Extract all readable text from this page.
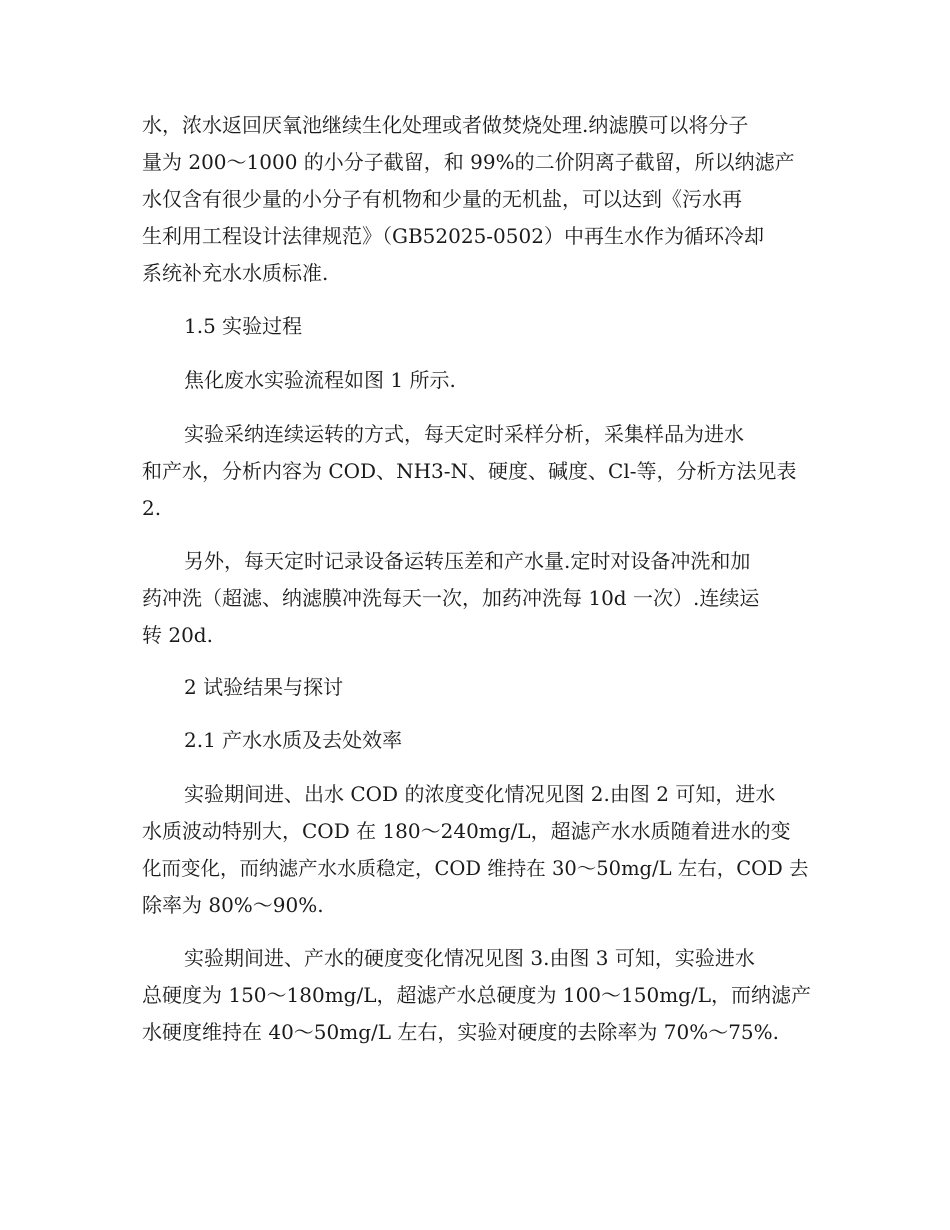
水，浓水返回厌氧池继续生化处理或者做焚烧处理.纳滤膜可以将分子
量为 200～1000 的小分子截留，和 99%的二价阴离子截留，所以纳滤产
水仅含有很少量的小分子有机物和少量的无机盐，可以达到《污水再
生利用工程设计法律规范》（GB52025-0502）中再生水作为循环冷却
系统补充水水质标准.
1.5 实验过程
焦化废水实验流程如图 1 所示.
实验采纳连续运转的方式，每天定时采样分析，采集样品为进水
和产水，分析内容为 COD、NH3-N、硬度、碱度、Cl-等，分析方法见表
2.
另外，每天定时记录设备运转压差和产水量.定时对设备冲洗和加
药冲洗（超滤、纳滤膜冲洗每天一次，加药冲洗每 10d 一次）.连续运
转 20d.
2 试验结果与探讨
2.1 产水水质及去处效率
实验期间进、出水 COD 的浓度变化情况见图 2.由图 2 可知，进水
水质波动特别大，COD 在 180～240mg/L，超滤产水水质随着进水的变
化而变化，而纳滤产水水质稳定，COD 维持在 30～50mg/L 左右，COD 去
除率为 80%～90%.
实验期间进、产水的硬度变化情况见图 3.由图 3 可知，实验进水
总硬度为 150～180mg/L，超滤产水总硬度为 100～150mg/L，而纳滤产
水硬度维持在 40～50mg/L 左右，实验对硬度的去除率为 70%～75%.
